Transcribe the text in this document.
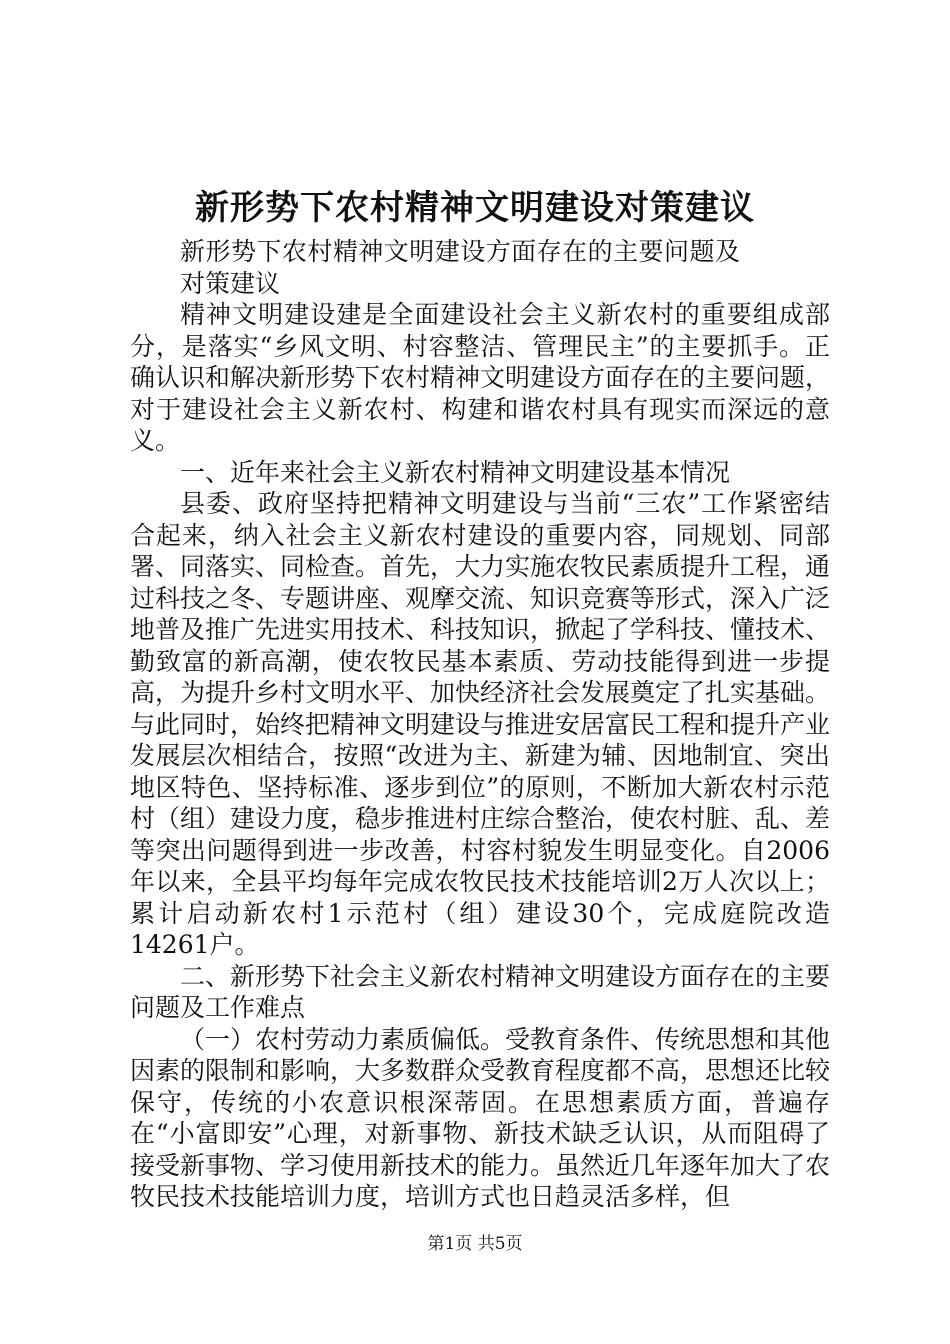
新形势下农村精神文明建设对策建议

新形势下农村精神文明建设方面存在的主要问题及对策建议

精神文明建设建是全面建设社会主义新农村的重要组成部分，是落实“乡风文明、村容整洁、管理民主”的主要抓手。正确认识和解决新形势下农村精神文明建设方面存在的主要问题，对于建设社会主义新农村、构建和谐农村具有现实而深远的意义。

一、近年来社会主义新农村精神文明建设基本情况

县委、政府坚持把精神文明建设与当前“三农”工作紧密结合起来，纳入社会主义新农村建设的重要内容，同规划、同部署、同落实、同检查。首先，大力实施农牧民素质提升工程，通过科技之冬、专题讲座、观摩交流、知识竞赛等形式，深入广泛地普及推广先进实用技术、科技知识，掀起了学科技、懂技术、勤致富的新高潮，使农牧民基本素质、劳动技能得到进一步提高，为提升乡村文明水平、加快经济社会发展奠定了扎实基础。与此同时，始终把精神文明建设与推进安居富民工程和提升产业发展层次相结合，按照“改进为主、新建为辅、因地制宜、突出地区特色、坚持标准、逐步到位”的原则，不断加大新农村示范村（组）建设力度，稳步推进村庄综合整治，使农村脏、乱、差等突出问题得到进一步改善，村容村貌发生明显变化。自2006年以来，全县平均每年完成农牧民技术技能培训2万人次以上；累计启动新农村1示范村（组）建设30个，完成庭院改造14261户。

二、新形势下社会主义新农村精神文明建设方面存在的主要问题及工作难点

（一）农村劳动力素质偏低。受教育条件、传统思想和其他因素的限制和影响，大多数群众受教育程度都不高，思想还比较保守，传统的小农意识根深蒂固。在思想素质方面，普遍存在“小富即安”心理，对新事物、新技术缺乏认识，从而阻碍了接受新事物、学习使用新技术的能力。虽然近几年逐年加大了农牧民技术技能培训力度，培训方式也日趋灵活多样，但

第1页 共5页
